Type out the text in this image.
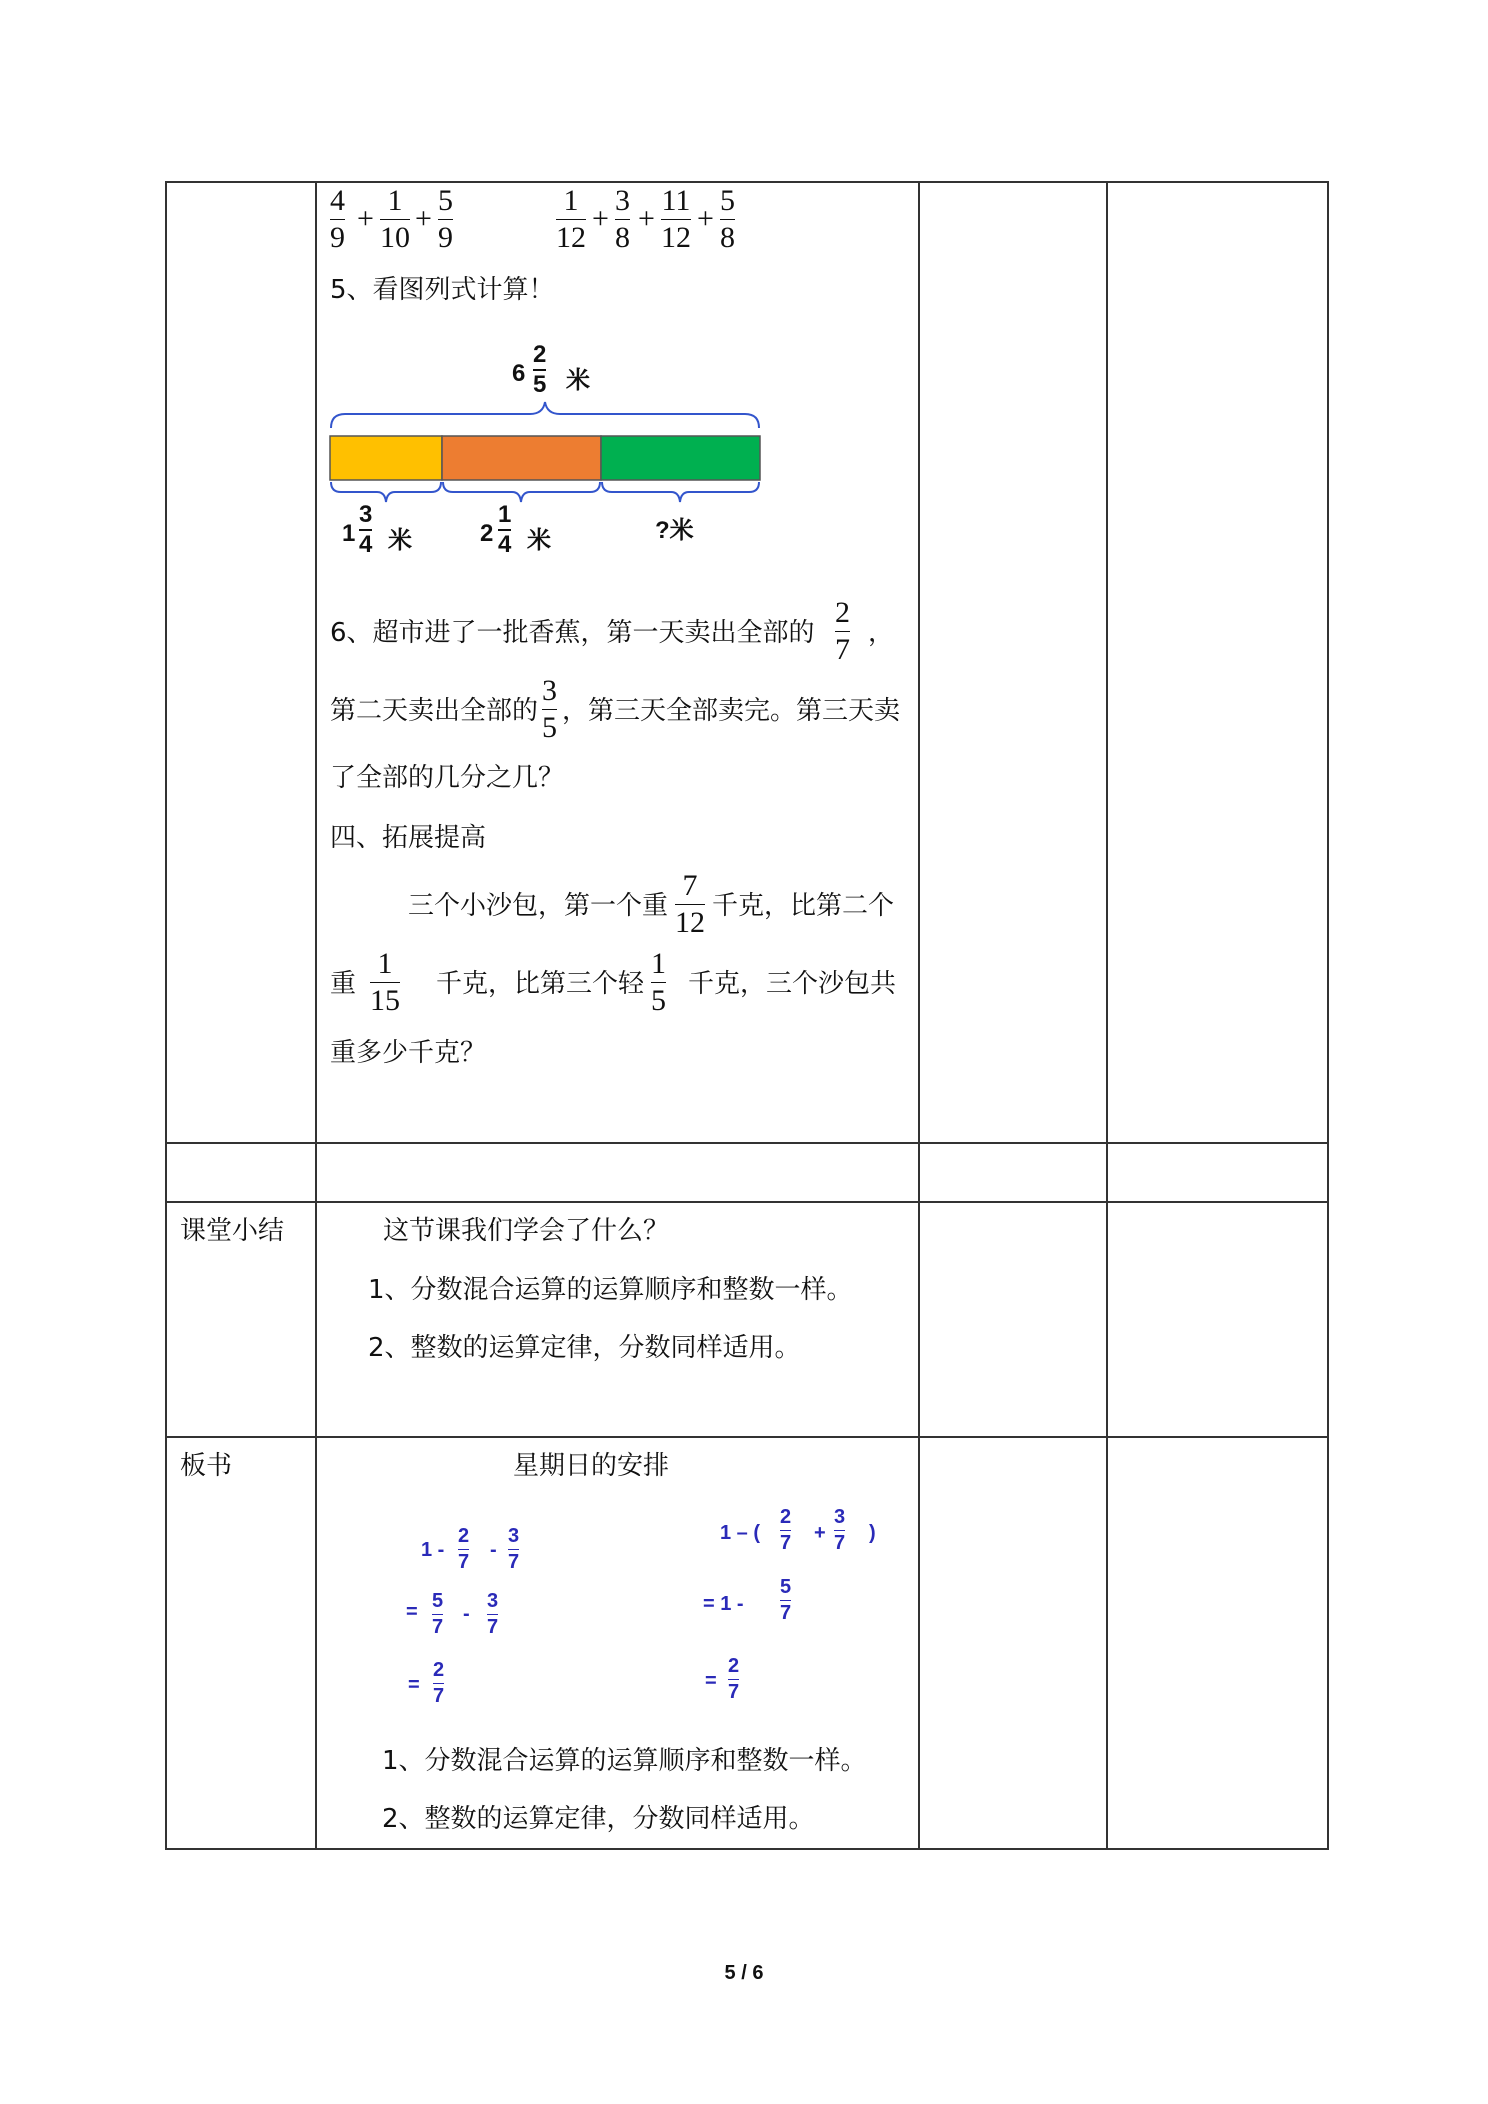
4
9
+
1
10
+
5
9
1
12
+
3
8
+
11
12
+
5
8
5、看图列式计算！
6
2
5 米
1
3
4 米	2
1
4 米	?米
6、超市进了一批香蕉，第一天卖出全部的
2
7 ，
第二天卖出全部的
3
5 ，第三天全部卖完。第三天卖
了全部的几分之几？
四、拓展提高
三个小沙包，第一个重
7
12 千克，比第二个
重
1
15 千克，比第三个轻
1
5 千克，三个沙包共
重多少千克？
课堂小结	这节课我们学会了什么？
1、分数混合运算的运算顺序和整数一样。
2、整数的运算定律，分数同样适用。
板书	星期日的安排
1 -
2
7
-
3
7
= 5
7
-
3
7
=
2
7
1 – (
2
7 +
3
7 )
= 1 -
5
7
=
2
7
1、分数混合运算的运算顺序和整数一样。
2、整数的运算定律，分数同样适用。
5 / 6
